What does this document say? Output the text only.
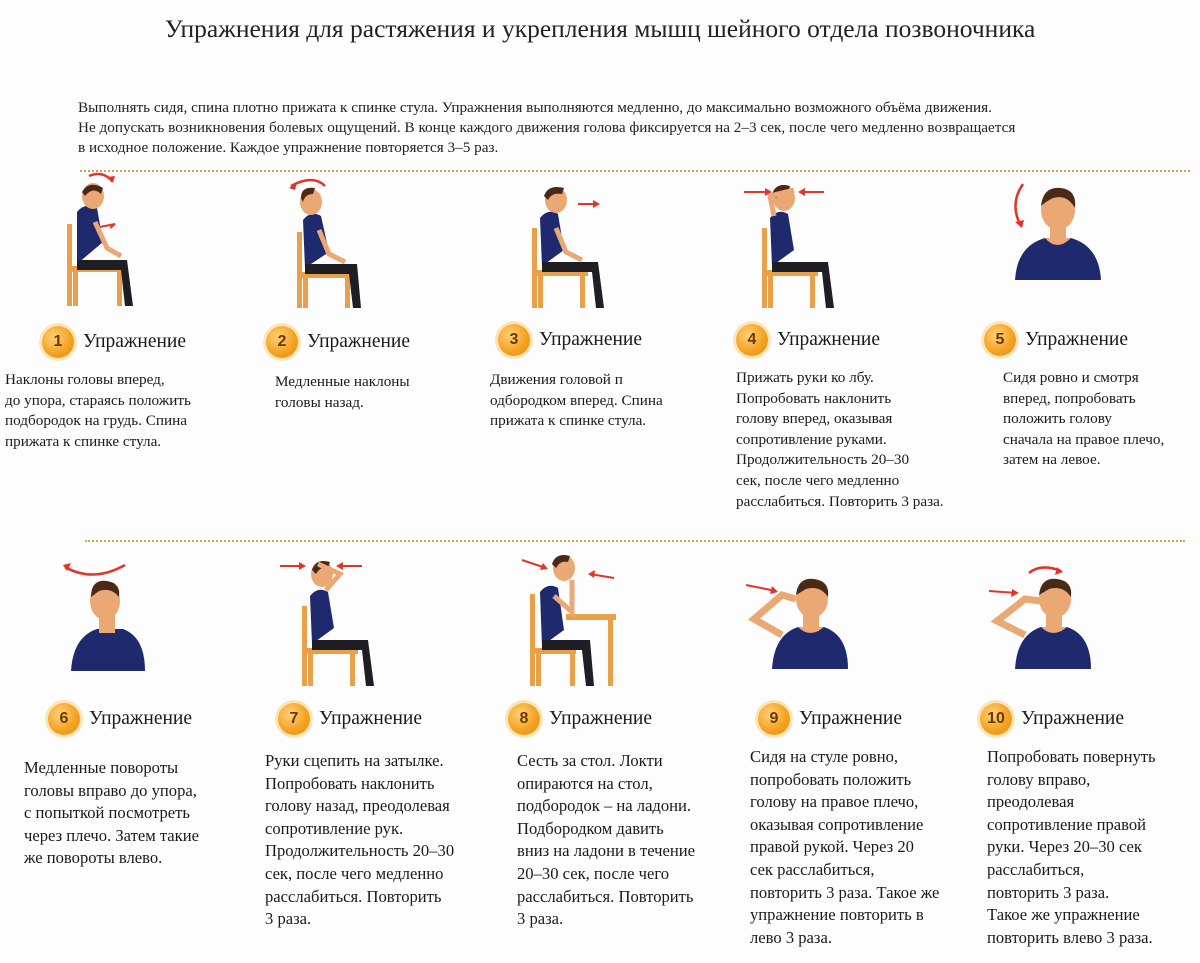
Упражнения для растяжения и укрепления мышц шейного отдела позвоночника
Выполнять сидя, спина плотно прижата к спинке стула. Упражнения выполняются медленно, до максимально возможного объёма движения.
Не допускать возникновения болевых ощущений. В конце каждого движения голова фиксируется на 2–3 сек, после чего медленно возвращается
в исходное положение. Каждое упражнение повторяется 3–5 раз.
1	Упражнение	2	Упражнение	3	Упражнение	4	Упражнение	5	Упражнение
Наклоны головы вперед,
до упора, стараясь положить
подбородок на грудь. Спина
прижата к спинке стула.
Медленные наклоны
головы назад.
Движения головой п
одбородком вперед. Спина
прижата к спинке стула.
Прижать руки ко лбу.
Попробовать наклонить
голову вперед, оказывая
сопротивление руками.
Продолжительность 20–30
сек, после чего медленно
расслабиться. Повторить 3 раза.
Сидя ровно и смотря
вперед, попробовать
положить голову
сначала на правое плечо,
затем на левое.
6	Упражнение	7	Упражнение	8	Упражнение	9	Упражнение	10 Упражнение
Медленные повороты
головы вправо до упора,
с попыткой посмотреть
через плечо. Затем такие
же повороты влево.
Руки сцепить на затылке.
Попробовать наклонить
голову назад, преодолевая
сопротивление рук.
Продолжительность 20–30
сек, после чего медленно
расслабиться. Повторить
3 раза.
Сесть за стол. Локти
опираются на стол,
подбородок – на ладони.
Подбородком давить
вниз на ладони в течение
20–30 сек, после чего
расслабиться. Повторить
3 раза.
Сидя на стуле ровно,
попробовать положить
голову на правое плечо,
оказывая сопротивление
правой рукой. Через 20
сек расслабиться,
повторить 3 раза. Такое же
упражнение повторить в
лево 3 раза.
Попробовать повернуть
голову вправо,
преодолевая
сопротивление правой
руки. Через 20–30 сек
расслабиться,
повторить 3 раза.
Такое же упражнение
повторить влево 3 раза.
